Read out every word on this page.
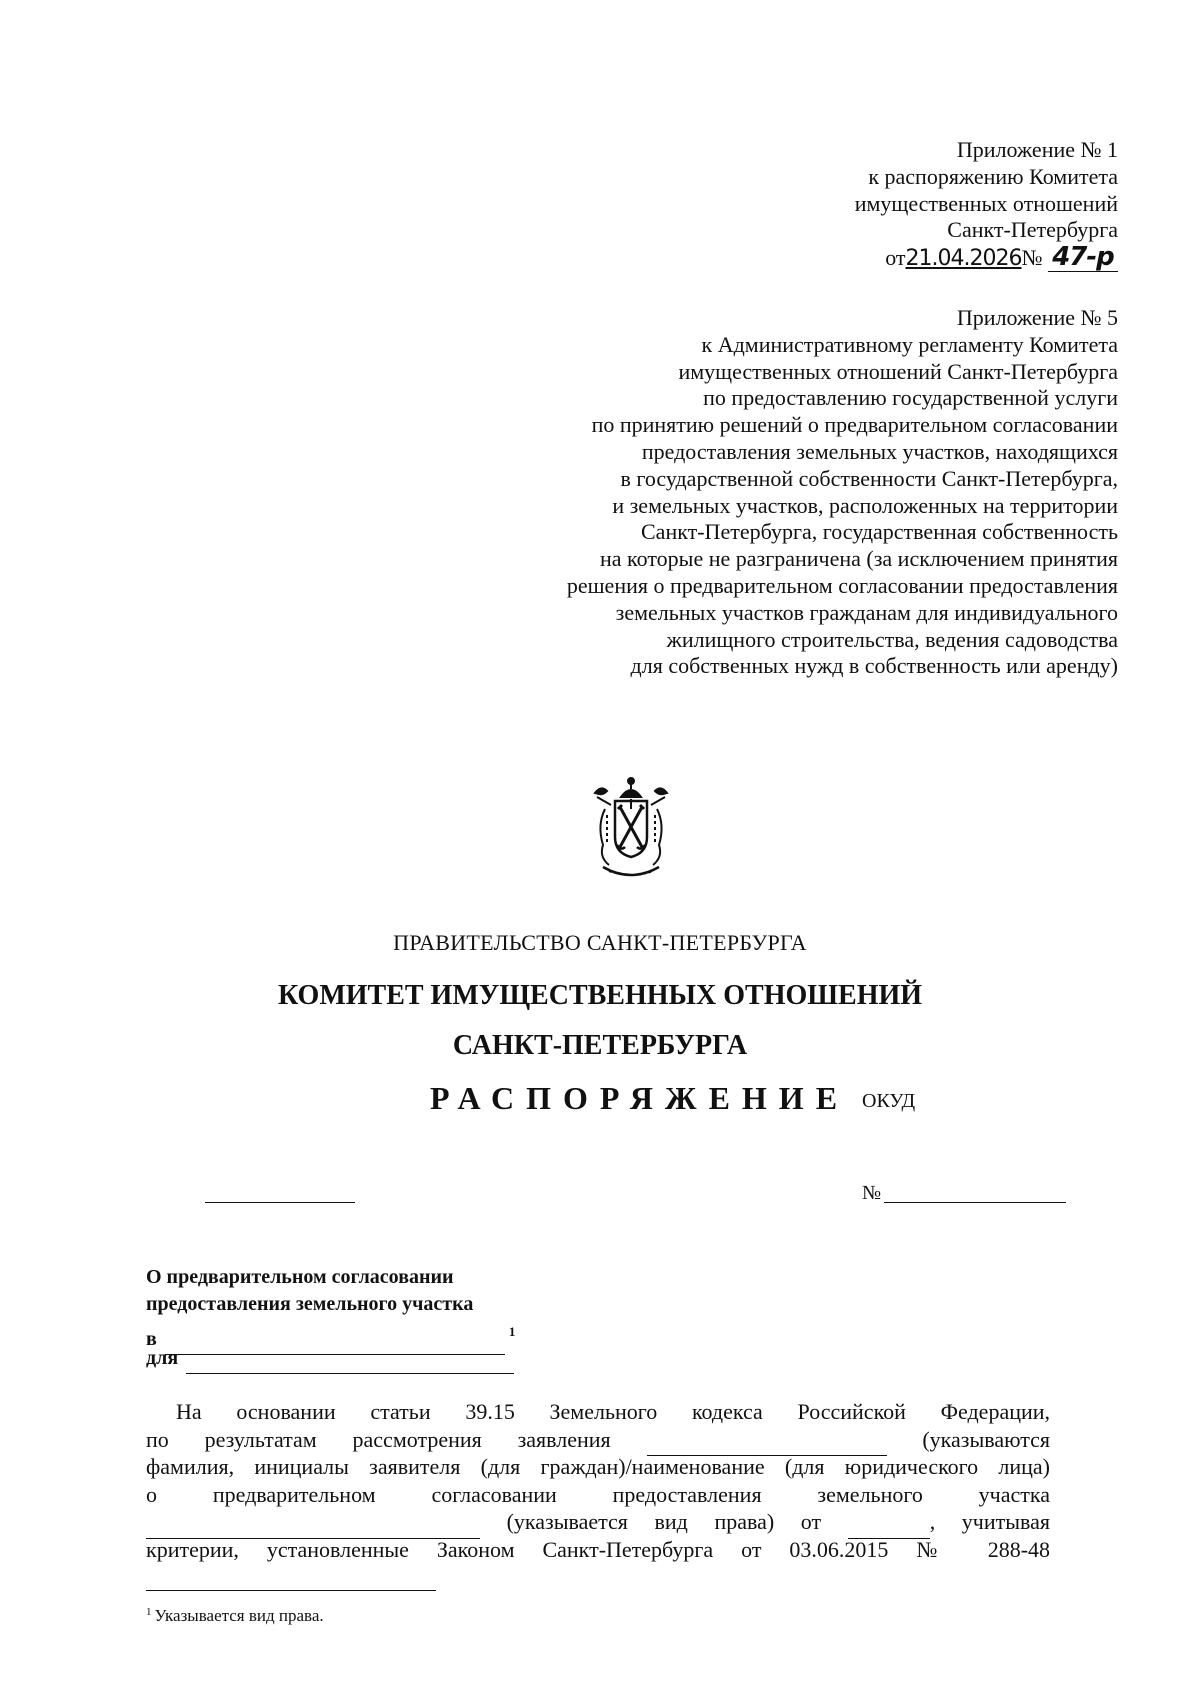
Приложение № 1
к распоряжению Комитета
имущественных отношений
Санкт-Петербурга
от21.04.2026№ 47-р
Приложение № 5
к Административному регламенту Комитета
имущественных отношений Санкт-Петербурга
по предоставлению государственной услуги
по принятию решений о предварительном согласовании
предоставления земельных участков, находящихся
в государственной собственности Санкт-Петербурга,
и земельных участков, расположенных на территории
Санкт-Петербурга, государственная собственность
на которые не разграничена (за исключением принятия
решения о предварительном согласовании предоставления
земельных участков гражданам для индивидуального
жилищного строительства, ведения садоводства
для собственных нужд в собственность или аренду)
ПРАВИТЕЛЬСТВО САНКТ-ПЕТЕРБУРГА
КОМИТЕТ ИМУЩЕСТВЕННЫХ ОТНОШЕНИЙ
САНКТ-ПЕТЕРБУРГА
РАСПОРЯЖЕНИЕ ОКУД
№
О предварительном согласовании
предоставления земельного участка
в	$^1$
для
На основании статьи 39.15 Земельного кодекса Российской Федерации,
по результатам рассмотрения заявления	(указываются
фамилия, инициалы заявителя (для граждан)/наименование (для юридического лица)
о	предварительном	согласовании	предоставления	земельного	участка
(указывается вид права) от	, учитывая
критерии, установленные Законом Санкт-Петербурга от 03.06.2015 № 288-48
$^1$ Указывается вид права.
